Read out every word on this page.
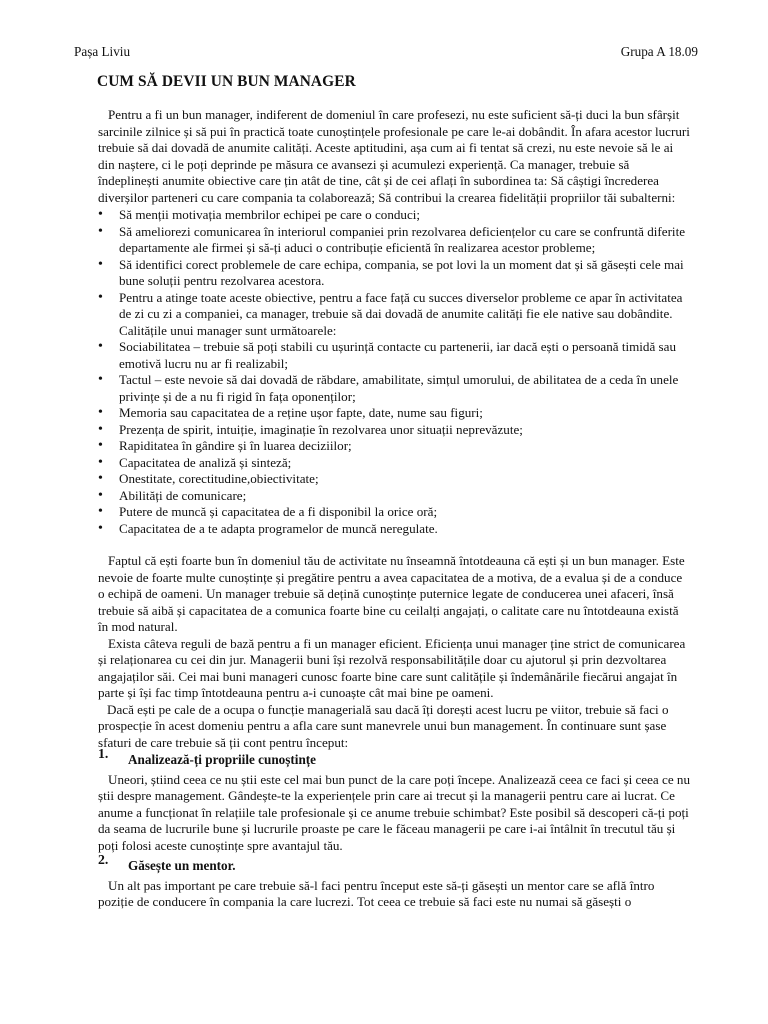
Pașa Liviu	Grupa A 18.09
CUM SĂ DEVII UN BUN MANAGER

Pentru a fi un bun manager, indiferent de domeniul în care profesezi, nu este suficient să-ți duci la bun sfârșit sarcinile zilnice și să pui în practică toate cunoștințele profesionale pe care le-ai dobândit. În afara acestor lucruri trebuie să dai dovadă de anumite calități. Aceste aptitudini, așa cum ai fi tentat să crezi, nu este nevoie să le ai din naștere, ci le poți deprinde pe măsura ce avansezi și acumulezi experiență. Ca manager, trebuie să îndeplinești anumite obiective care țin atât de tine, cât și de cei aflați în subordinea ta: Să câștigi încrederea diverșilor parteneri cu care compania ta colaborează; Să contribui la crearea fidelității propriilor tăi subalterni:

• Să menții motivația membrilor echipei pe care o conduci;
• Să ameliorezi comunicarea în interiorul companiei prin rezolvarea deficiențelor cu care se confruntă diferite departamente ale firmei și să-ți aduci o contribuție eficientă în realizarea acestor probleme;
• Să identifici corect problemele de care echipa, compania, se pot lovi la un moment dat și să găsești cele mai bune soluții pentru rezolvarea acestora.
• Pentru a atinge toate aceste obiective, pentru a face față cu succes diverselor probleme ce apar în activitatea de zi cu zi a companiei, ca manager, trebuie să dai dovadă de anumite calități fie ele native sau dobândite. Calitățile unui manager sunt următoarele:
• Sociabilitatea – trebuie să poți stabili cu ușurință contacte cu partenerii, iar dacă ești o persoană timidă sau emotivă lucru nu ar fi realizabil;
• Tactul – este nevoie să dai dovadă de răbdare, amabilitate, simțul umorului, de abilitatea de a ceda în unele privințe și de a nu fi rigid în fața oponenților;
• Memoria sau capacitatea de a reține ușor fapte, date, nume sau figuri;
• Prezența de spirit, intuiție, imaginație în rezolvarea unor situații neprevăzute;
• Rapiditatea în gândire și în luarea deciziilor;
• Capacitatea de analiză și sinteză;
• Onestitate, corectitudine,obiectivitate;
• Abilități de comunicare;
• Putere de muncă și capacitatea de a fi disponibil la orice oră;
• Capacitatea de a te adapta programelor de muncă neregulate.

Faptul că ești foarte bun în domeniul tău de activitate nu înseamnă întotdeauna că ești și un bun manager. Este nevoie de foarte multe cunoștințe și pregătire pentru a avea capacitatea de a motiva, de a evalua și de a conduce o echipă de oameni. Un manager trebuie să dețină cunoștințe puternice legate de conducerea unei afaceri, însă trebuie să aibă și capacitatea de a comunica foarte bine cu ceilalți angajați, o calitate care nu întotdeauna există în mod natural.

Exista câteva reguli de bază pentru a fi un manager eficient. Eficiența unui manager ține strict de comunicarea și relaționarea cu cei din jur. Managerii buni își rezolvă responsabilitățile doar cu ajutorul și prin dezvoltarea angajaților săi. Cei mai buni manageri cunosc foarte bine care sunt calitățile și îndemânările fiecărui angajat în parte și își fac timp întotdeauna pentru a-i cunoaște cât mai bine pe oameni.

Dacă ești pe cale de a ocupa o funcție managerială sau dacă îți dorești acest lucru pe viitor, trebuie să faci o prospecție în acest domeniu pentru a afla care sunt manevrele unui bun management. În continuare sunt șase sfaturi de care trebuie să ții cont pentru început:

1.	Analizează-ți propriile cunoștințe

Uneori, știind ceea ce nu știi este cel mai bun punct de la care poți începe. Analizează ceea ce faci și ceea ce nu știi despre management. Gândește-te la experiențele prin care ai trecut și la managerii pentru care ai lucrat. Ce anume a funcționat în relațiile tale profesionale și ce anume trebuie schimbat? Este posibil să descoperi că-ți poți da seama de lucrurile bune și lucrurile proaste pe care le făceau managerii pe care i-ai întâlnit în trecutul tău și poți folosi aceste cunoștințe spre avantajul tău.

2.	Găsește un mentor.

Un alt pas important pe care trebuie să-l faci pentru început este să-ți găsești un mentor care se află întro poziție de conducere în compania la care lucrezi. Tot ceea ce trebuie să faci este nu numai să găsești o
